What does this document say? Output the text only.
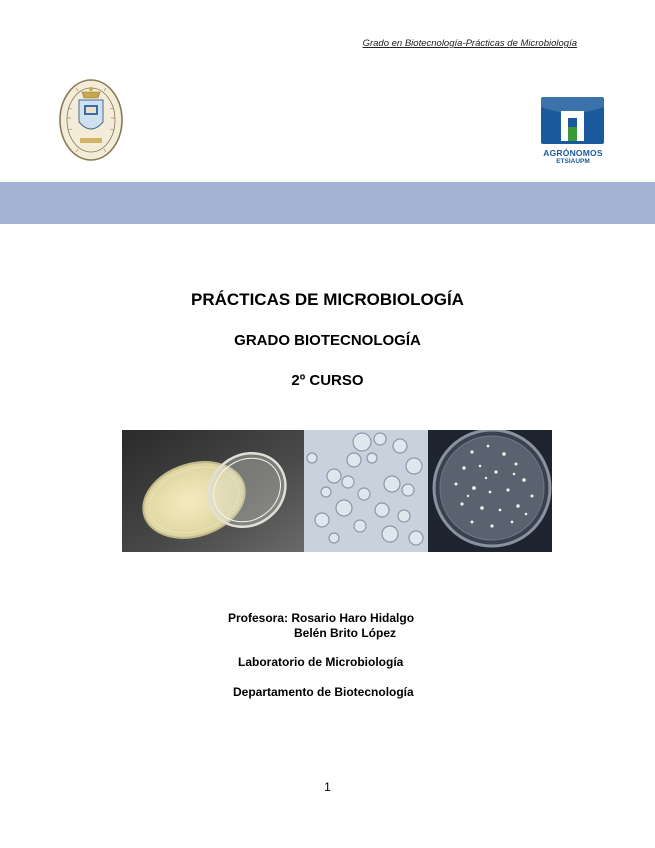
Grado en Biotecnología-Prácticas de Microbiología
AGRÓNOMOS
ETSIAUPM
PRÁCTICAS DE MICROBIOLOGÍA
GRADO BIOTECNOLOGÍA
2º CURSO
Profesora: Rosario Haro Hidalgo
Belén Brito López
Laboratorio de Microbiología
Departamento de Biotecnología
1
